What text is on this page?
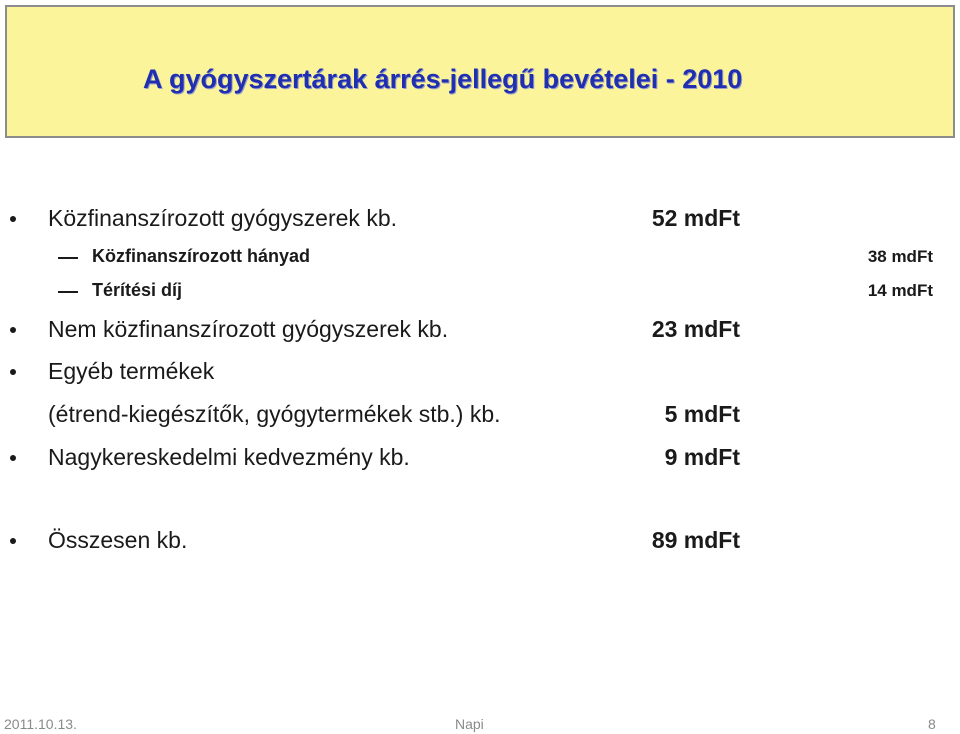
A gyógyszertárak árrés-jellegű bevételei - 2010
Közfinanszírozott gyógyszerek kb.	52 mdFt
Közfinanszírozott hányad	38 mdFt
Térítési díj	14 mdFt
Nem közfinanszírozott gyógyszerek kb.	23 mdFt
Egyéb termékek
(étrend-kiegészítők, gyógytermékek stb.) kb.	5 mdFt
Nagykereskedelmi kedvezmény kb.	9 mdFt
Összesen kb.	89 mdFt
2011.10.13.	Napi	8
